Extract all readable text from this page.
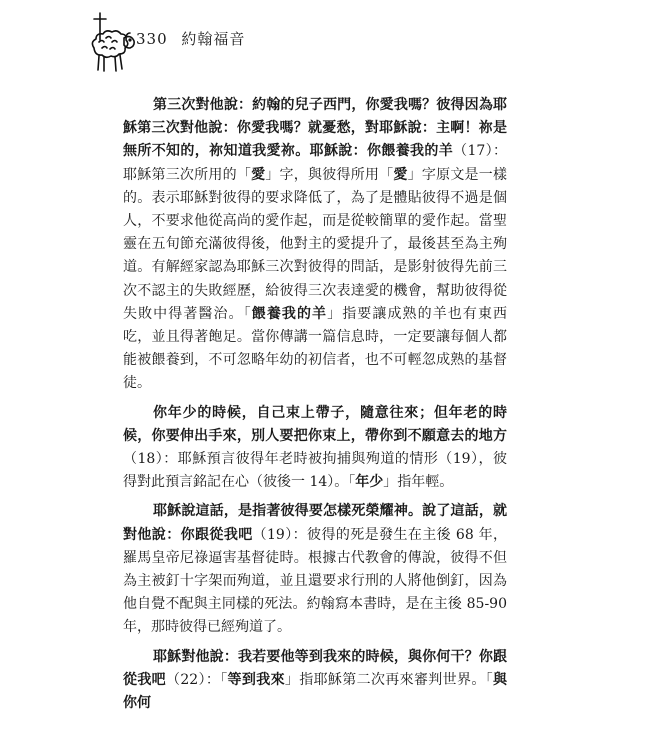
330 約翰福音

第三次對他說：約翰的兒子西門，你愛我嗎？彼得因為耶穌第三次對他說：你愛我嗎？就憂愁，對耶穌說：主啊！祢是無所不知的，祢知道我愛祢。耶穌說：你餵養我的羊（17）：耶穌第三次所用的「愛」字，與彼得所用「愛」字原文是一樣的。表示耶穌對彼得的要求降低了，為了是體貼彼得不過是個人，不要求他從高尚的愛作起，而是從較簡單的愛作起。當聖靈在五旬節充滿彼得後，他對主的愛提升了，最後甚至為主殉道。有解經家認為耶穌三次對彼得的問話，是影射彼得先前三次不認主的失敗經歷，給彼得三次表達愛的機會，幫助彼得從失敗中得著醫治。「餵養我的羊」指要讓成熟的羊也有東西吃，並且得著飽足。當你傳講一篇信息時，一定要讓每個人都能被餵養到，不可忽略年幼的初信者，也不可輕忽成熟的基督徒。

你年少的時候，自己束上帶子，隨意往來；但年老的時候，你要伸出手來，別人要把你束上，帶你到不願意去的地方（18）：耶穌預言彼得年老時被拘捕與殉道的情形（19），彼得對此預言銘記在心（彼後一 14）。「年少」指年輕。

耶穌說這話，是指著彼得要怎樣死榮耀神。說了這話，就對他說：你跟從我吧（19）：彼得的死是發生在主後 68 年，羅馬皇帝尼祿逼害基督徒時。根據古代教會的傳說，彼得不但為主被釘十字架而殉道，並且還要求行刑的人將他倒釘，因為他自覺不配與主同樣的死法。約翰寫本書時，是在主後 85-90 年，那時彼得已經殉道了。

耶穌對他說：我若要他等到我來的時候，與你何干？你跟從我吧（22）：「等到我來」指耶穌第二次再來審判世界。「與你何
